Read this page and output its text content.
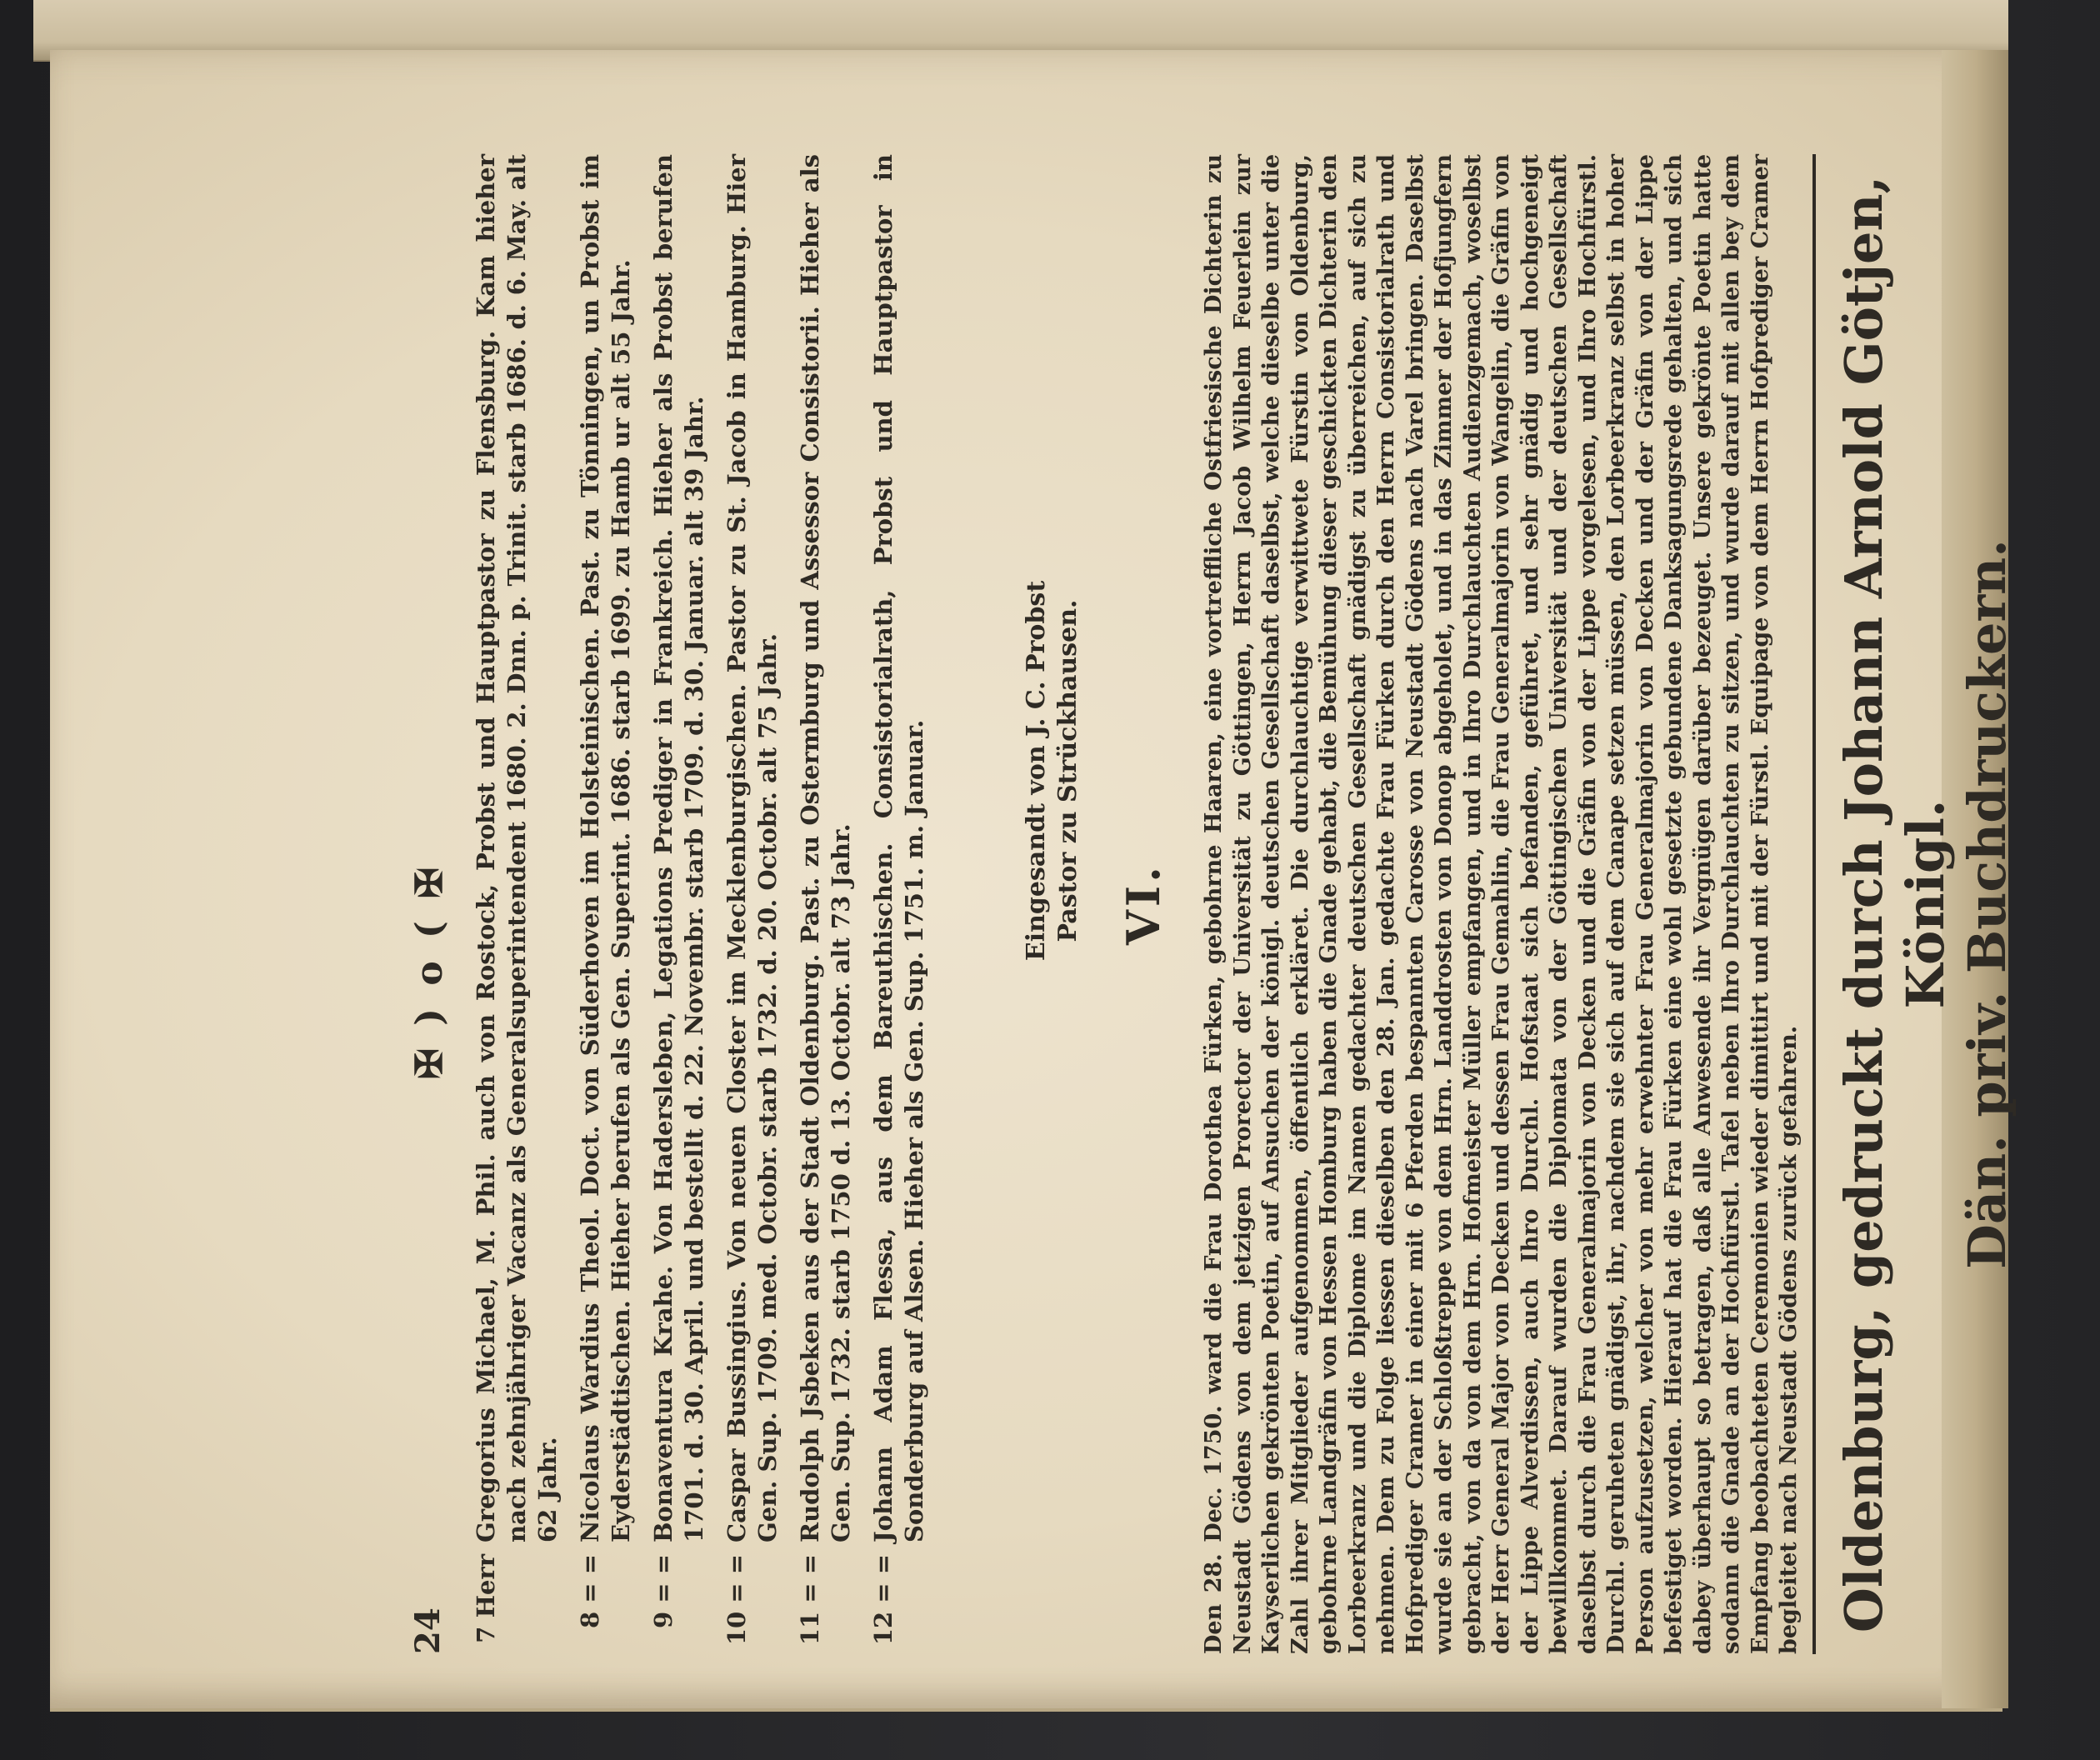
24
✠ ) o ( ✠
7 Herr
Gregorius Michael, M. Phil. auch von Rostock, Probst und Hauptpastor zu Flensburg. Kam hieher nach zehnjähriger Vacanz als Generalsuperintendent 1680. 2. Dnn. p. Trinit. starb 1686. d. 6. May. alt 62 Jahr.
8 = =
Nicolaus Wardius Theol. Doct. von Süderhoven im Holsteinischen. Past. zu Tönningen, un Probst im Eyderstädtischen. Hieher berufen als Gen. Superint. 1686. starb 1699. zu Hamb ur alt 55 Jahr.
9 = =
Bonaventura Krahe. Von Hadersleben, Legations Prediger in Frankreich. Hieher als Probst berufen 1701. d. 30. April. und bestellt d. 22. Novembr. starb 1709. d. 30. Januar. alt 39 Jahr.
10 = =
Caspar Bussingius. Von neuen Closter im Mecklenburgischen. Pastor zu St. Jacob in Hamburg. Hier Gen. Sup. 1709. med. Octobr. starb 1732. d. 20. Octobr. alt 75 Jahr.
11 = =
Rudolph Jsbeken aus der Stadt Oldenburg. Past. zu Ostermburg und Assessor Consistorii. Hieher als Gen. Sup. 1732. starb 1750 d. 13. Octobr. alt 73 Jahr.
12 = =
Johann Adam Flessa, aus dem Bareuthischen. Consistorialrath, Probst und Hauptpastor in Sonderburg auf Alsen. Hieher als Gen. Sup. 1751. m. Januar.	Eingesandt von J. C. Probst Pastor zu Strückhausen. VI. Den 28. Dec. 1750. ward die Frau Dorothea Fürken, gebohrne Haaren, eine vortreffliche Ostfriesische Dichterin zu Neustadt Gödens von dem jetzigen Prorector der Universität zu Göttingen, Herrn Jacob Wilhelm Feuerlein zur Kayserlichen gekrönten Poetin, auf Ansuchen der königl. deutschen Gesellschaft daselbst, welche dieselbe unter die Zahl ihrer Mitglieder aufgenommen, öffentlich erkläret. Die durchlauchtige verwittwete Fürstin von Oldenburg, gebohrne Landgräfin von Hessen Homburg haben die Gnade gehabt, die Bemühung dieser geschickten Dichterin den Lorbeerkranz und die Diplome im Namen gedachter deutschen Gesellschaft gnädigst zu überreichen, auf sich zu nehmen. Dem zu Folge liessen dieselben den 28. Jan. gedachte Frau Fürken durch den Herrn Consistorialrath und Hofprediger Cramer in einer mit 6 Pferden bespannten Carosse von Neustadt Gödens nach Varel bringen. Daselbst wurde sie an der Schloßtreppe von dem Hrn. Landdrosten von Donop abgeholet, und in das Zimmer der Hofjungfern gebracht, von da von dem Hrn. Hofmeister Müller empfangen, und in Ihro Durchlauchten Audienzgemach, woselbst der Herr General Major von Decken und dessen Frau Gemahlin, die Frau Generalmajorin von Wangelin, die Gräfin von der Lippe Alverdissen, auch Ihro Durchl. Hofstaat sich befanden, geführet, und sehr gnädig und hochgeneigt bewillkommet. Darauf wurden die Diplomata von der Göttingischen Universität und der deutschen Gesellschaft daselbst durch die Frau Generalmajorin von Decken und die Gräfin von der Lippe vorgelesen, und Ihro Hochfürstl. Durchl. geruheten gnädigst, ihr, nachdem sie sich auf dem Canape setzen müssen, den Lorbeerkranz selbst in hoher Person aufzusetzen, welcher von mehr erwehnter Frau Generalmajorin von Decken und der Gräfin von der Lippe befestiget worden. Hierauf hat die Frau Fürken eine wohl gesetzte gebundene Danksagungsrede gehalten, und sich dabey überhaupt so betragen, daß alle Anwesende ihr Vergnügen darüber bezeuget. Unsere gekrönte Poetin hatte sodann die Gnade an der Hochfürstl. Tafel neben Ihro Durchlauchten zu sitzen, und wurde darauf mit allen bey dem Empfang beobachteten Ceremonien wieder dimittirt und mit der Fürstl. Equipage von dem Herrn Hofprediger Cramer begleitet nach Neustadt Gödens zurück gefahren. Oldenburg, gedruckt durch Johann Arnold Götjen, Königl. Dän. priv. Buchdruckern.
